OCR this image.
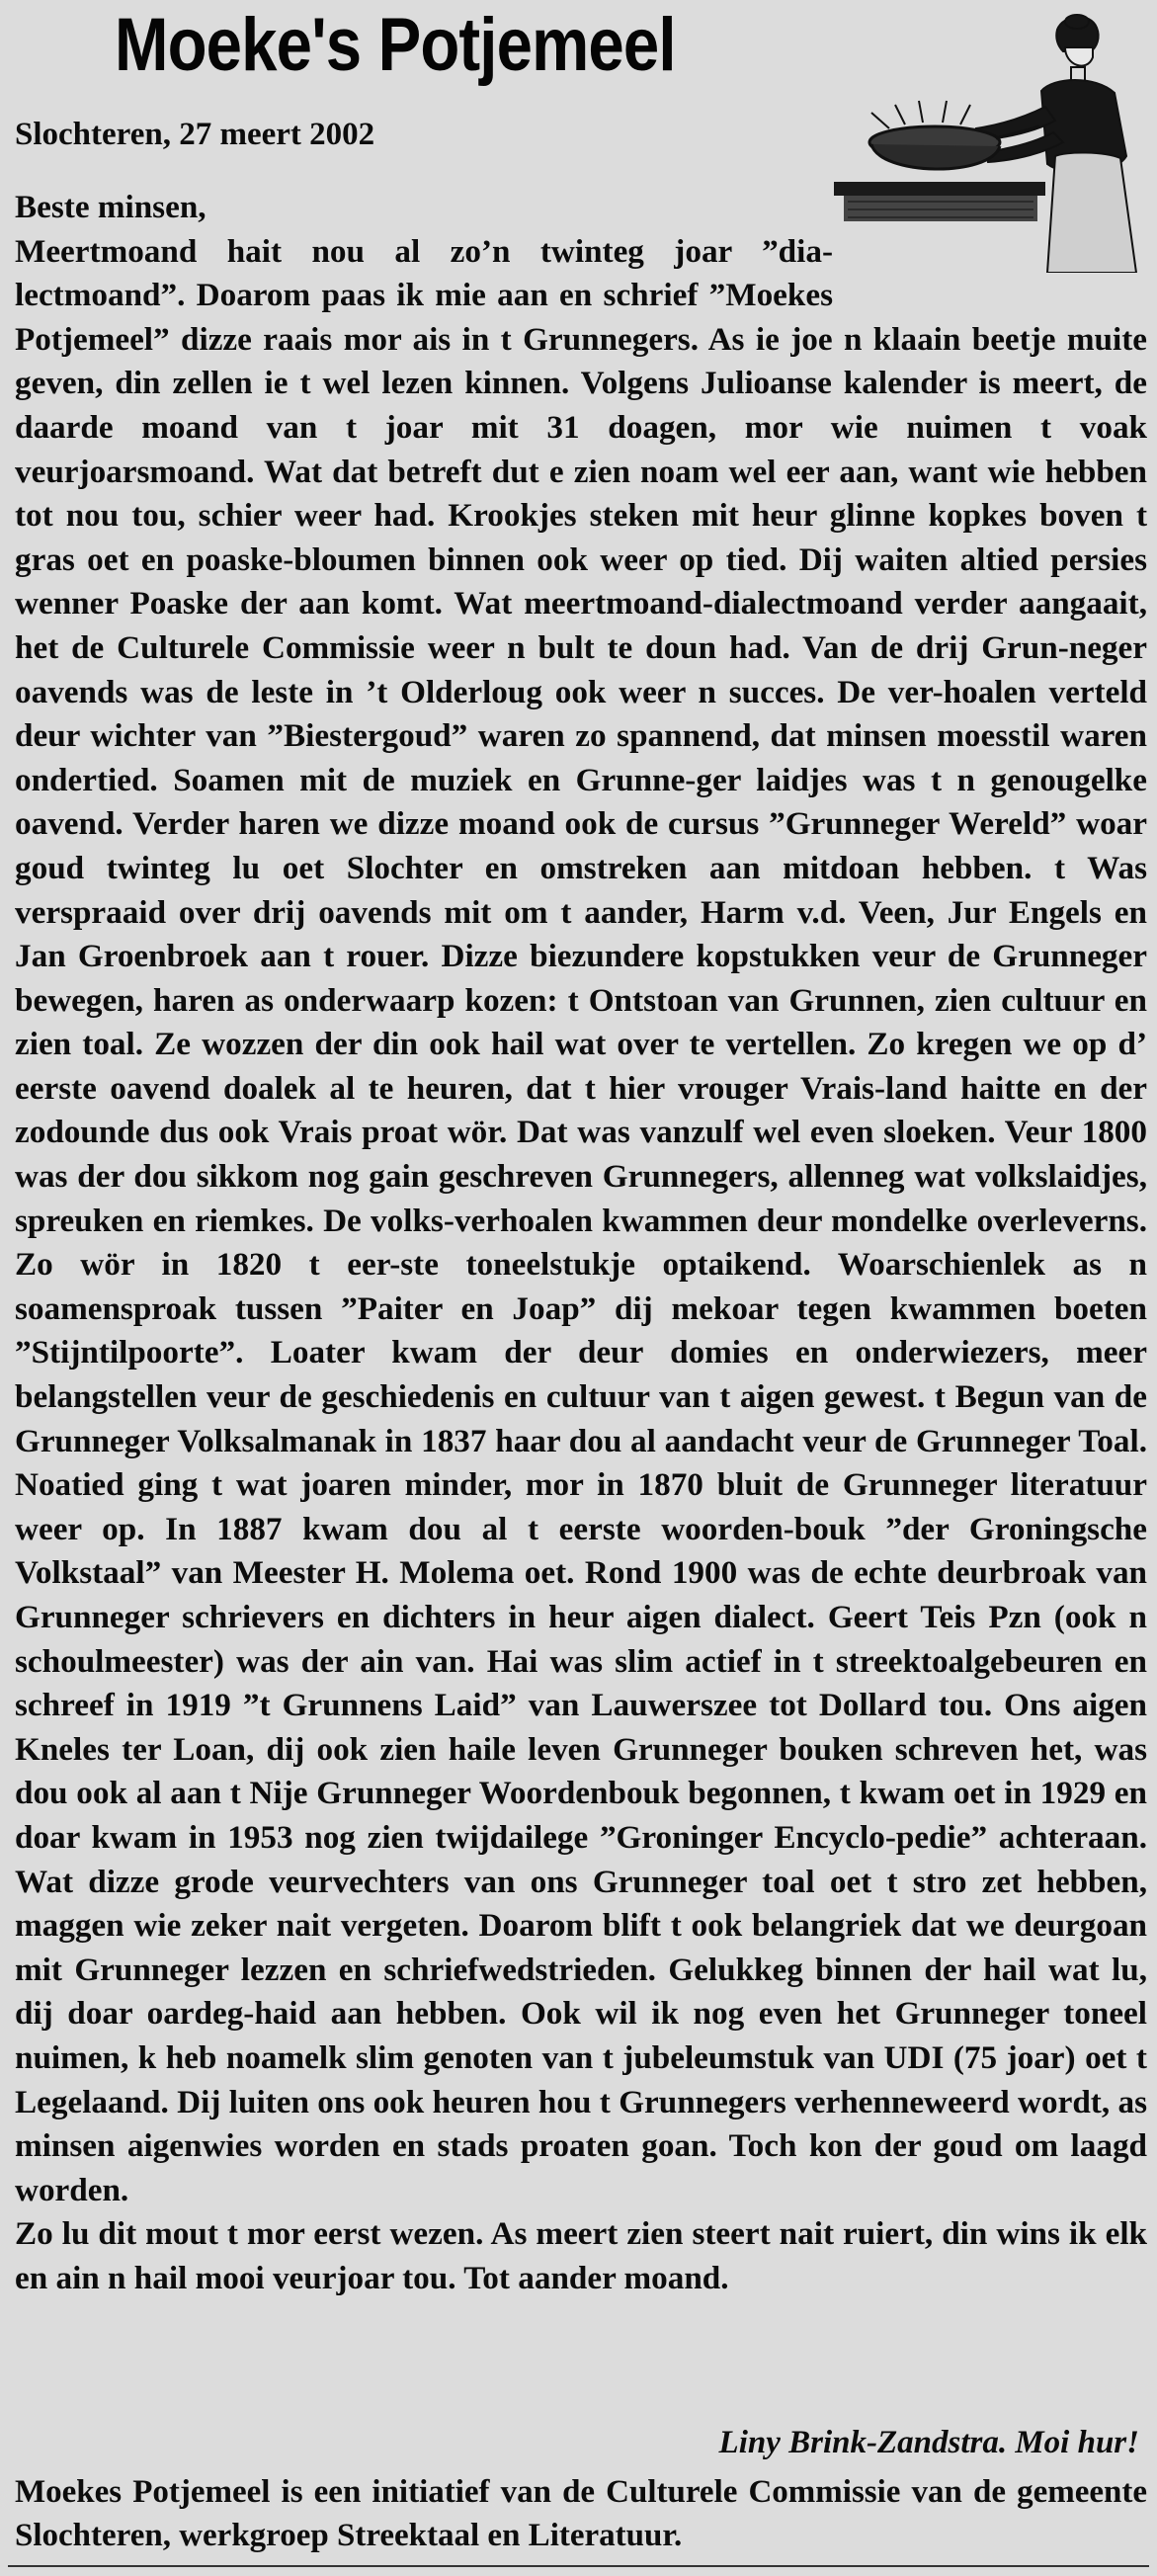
Moeke's Potjemeel
Slochteren, 27 meert 2002

Beste minsen,

Meertmoand hait nou al zo’n twinteg joar ”dia-lectmoand”. Doarom paas ik mie aan en schrief ”Moekes Potjemeel” dizze raais mor ais in t Grunnegers. As ie joe n klaain beetje muite geven, din zellen ie t wel lezen kinnen. Volgens Julioanse kalender is meert, de daarde moand van t joar mit 31 doagen, mor wie nuimen t voak veurjoarsmoand. Wat dat betreft dut e zien noam wel eer aan, want wie hebben tot nou tou, schier weer had. Krookjes steken mit heur glinne kopkes boven t gras oet en poaske-bloumen binnen ook weer op tied. Dij waiten altied persies wenner Poaske der aan komt. Wat meertmoand-dialectmoand verder aangaait, het de Culturele Commissie weer n bult te doun had. Van de drij Grun-neger oavends was de leste in ’t Olderloug ook weer n succes. De ver-hoalen verteld deur wichter van ”Biestergoud” waren zo spannend, dat minsen moesstil waren ondertied. Soamen mit de muziek en Grunne-ger laidjes was t n genougelke oavend. Verder haren we dizze moand ook de cursus ”Grunneger Wereld” woar goud twinteg lu oet Slochter en omstreken aan mitdoan hebben. t Was verspraaid over drij oavends mit om t aander, Harm v.d. Veen, Jur Engels en Jan Groenbroek aan t rouer. Dizze biezundere kopstukken veur de Grunneger bewegen, haren as onderwaarp kozen: t Ontstoan van Grunnen, zien cultuur en zien toal. Ze wozzen der din ook hail wat over te vertellen. Zo kregen we op d’ eerste oavend doalek al te heuren, dat t hier vrouger Vrais-land haitte en der zodounde dus ook Vrais proat wör. Dat was vanzulf wel even sloeken. Veur 1800 was der dou sikkom nog gain geschreven Grunnegers, allenneg wat volkslaidjes, spreuken en riemkes. De volks-verhoalen kwammen deur mondelke overleverns. Zo wör in 1820 t eer-ste toneelstukje optaikend. Woarschienlek as n soamensproak tussen ”Paiter en Joap” dij mekoar tegen kwammen boeten ”Stijntilpoorte”. Loater kwam der deur domies en onderwiezers, meer belangstellen veur de geschiedenis en cultuur van t aigen gewest. t Begun van de Grunneger Volksalmanak in 1837 haar dou al aandacht veur de Grunneger Toal. Noatied ging t wat joaren minder, mor in 1870 bluit de Grunneger literatuur weer op. In 1887 kwam dou al t eerste woorden-bouk ”der Groningsche Volkstaal” van Meester H. Molema oet. Rond 1900 was de echte deurbroak van Grunneger schrievers en dichters in heur aigen dialect. Geert Teis Pzn (ook n schoulmeester) was der ain van. Hai was slim actief in t streektoalgebeuren en schreef in 1919 ”t Grunnens Laid” van Lauwerszee tot Dollard tou. Ons aigen Kneles ter Loan, dij ook zien haile leven Grunneger bouken schreven het, was dou ook al aan t Nije Grunneger Woordenbouk begonnen, t kwam oet in 1929 en doar kwam in 1953 nog zien twijdailege ”Groninger Encyclo-pedie” achteraan. Wat dizze grode veurvechters van ons Grunneger toal oet t stro zet hebben, maggen wie zeker nait vergeten. Doarom blift t ook belangriek dat we deurgoan mit Grunneger lezzen en schriefwedstrieden. Gelukkeg binnen der hail wat lu, dij doar oardeg-haid aan hebben. Ook wil ik nog even het Grunneger toneel nuimen, k heb noamelk slim genoten van t jubeleumstuk van UDI (75 joar) oet t Legelaand. Dij luiten ons ook heuren hou t Grunnegers verhenneweerd wordt, as minsen aigenwies worden en stads proaten goan. Toch kon der goud om laagd worden.

Zo lu dit mout t mor eerst wezen. As meert zien steert nait ruiert, din wins ik elk en ain n hail mooi veurjoar tou. Tot aander moand.

Liny Brink-Zandstra. Moi hur!
Moekes Potjemeel is een initiatief van de Culturele Commissie van de gemeente Slochteren, werkgroep Streektaal en Literatuur.
